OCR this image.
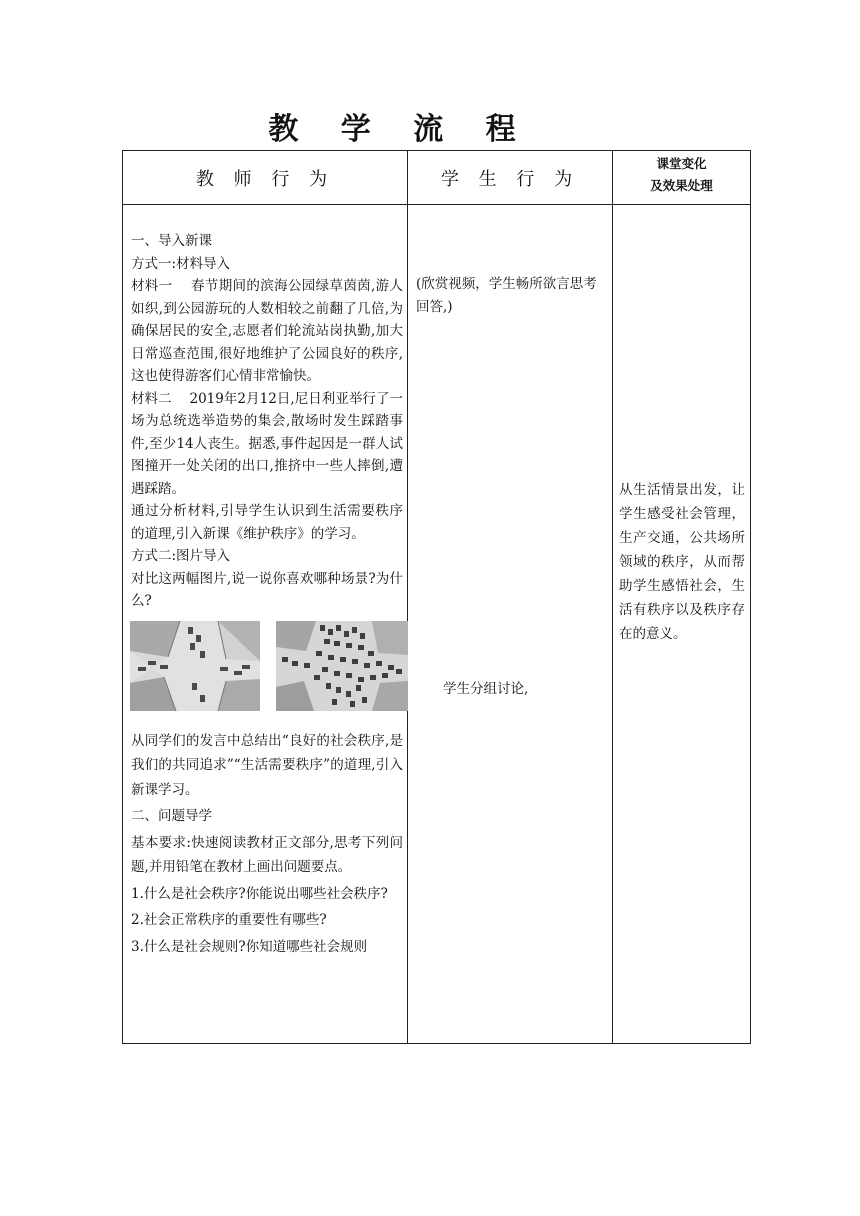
教 学 流 程
教 师 行 为	学 生 行 为
课堂变化
及效果处理

一、导入新课

方式一:材料导入

材料一　 春节期间的滨海公园绿草茵茵,游人如织,到公园游玩的人数相较之前翻了几倍,为确保居民的安全,志愿者们轮流站岗执勤,加大日常巡查范围,很好地维护了公园良好的秩序,这也使得游客们心情非常愉快。

材料二　 2019年2月12日,尼日利亚举行了一场为总统选举造势的集会,散场时发生踩踏事件,至少14人丧生。据悉,事件起因是一群人试图撞开一处关闭的出口,推挤中一些人摔倒,遭遇踩踏。

通过分析材料,引导学生认识到生活需要秩序的道理,引入新课《维护秩序》的学习。

方式二:图片导入

对比这两幅图片,说一说你喜欢哪种场景?为什么?

从同学们的发言中总结出“良好的社会秩序,是我们的共同追求”“生活需要秩序”的道理,引入新课学习。

二、问题导学

基本要求:快速阅读教材正文部分,思考下列问题,并用铅笔在教材上画出问题要点。

1.什么是社会秩序?你能说出哪些社会秩序?

2.社会正常秩序的重要性有哪些?

3.什么是社会规则?你知道哪些社会规则

(欣赏视频，学生畅所欲言思考回答,)
学生分组讨论,
从生活情景出发，让学生感受社会管理，生产交通，公共场所领域的秩序，从而帮助学生感悟社会，生活有秩序以及秩序存在的意义。
